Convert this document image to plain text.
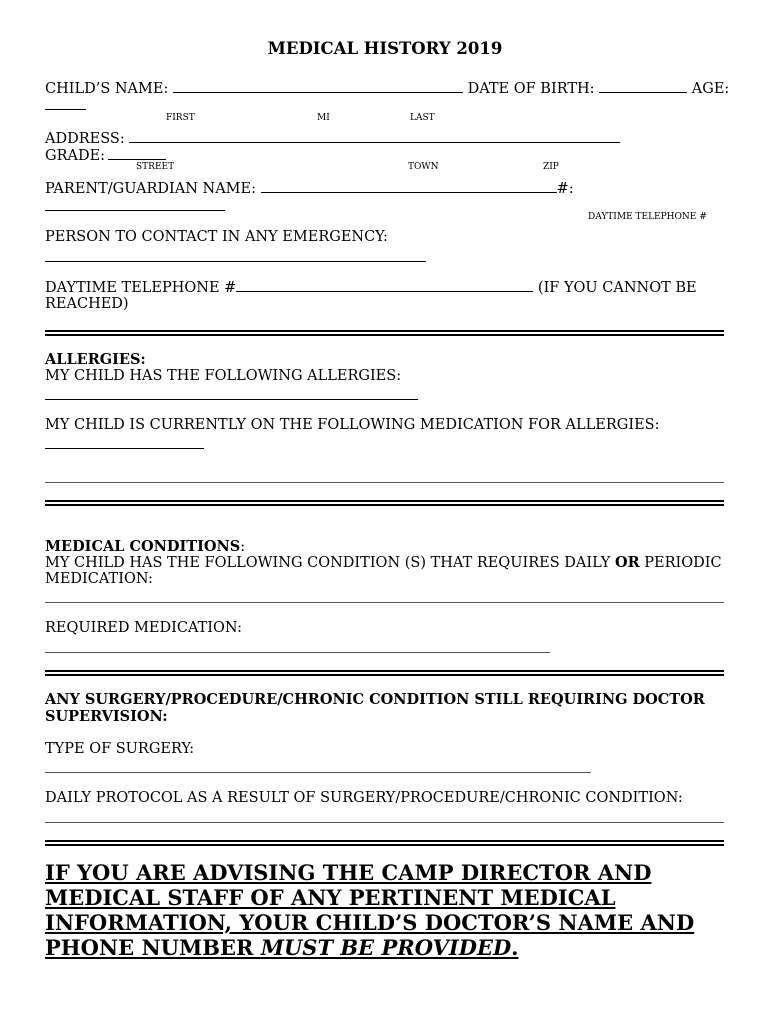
MEDICAL HISTORY 2019
CHILD’S NAME:	DATE OF BIRTH:	AGE:
FIRST	MI	LAST
ADDRESS:
GRADE:
STREET	TOWN	ZIP
PARENT/GUARDIAN NAME:	#:
DAYTIME TELEPHONE #
PERSON TO CONTACT IN ANY EMERGENCY:
DAYTIME TELEPHONE #	(IF YOU CANNOT BE
REACHED)
ALLERGIES:
MY CHILD HAS THE FOLLOWING ALLERGIES:
MY CHILD IS CURRENTLY ON THE FOLLOWING MEDICATION FOR ALLERGIES:
MEDICAL CONDITIONS:
MY CHILD HAS THE FOLLOWING CONDITION (S) THAT REQUIRES DAILY OR PERIODIC
MEDICATION:
REQUIRED MEDICATION:
ANY SURGERY/PROCEDURE/CHRONIC CONDITION STILL REQUIRING DOCTOR
SUPERVISION:
TYPE OF SURGERY:
DAILY PROTOCOL AS A RESULT OF SURGERY/PROCEDURE/CHRONIC CONDITION:
IF YOU ARE ADVISING THE CAMP DIRECTOR AND
MEDICAL STAFF OF ANY PERTINENT MEDICAL
INFORMATION, YOUR CHILD’S DOCTOR’S NAME AND
PHONE NUMBER MUST BE PROVIDED.
